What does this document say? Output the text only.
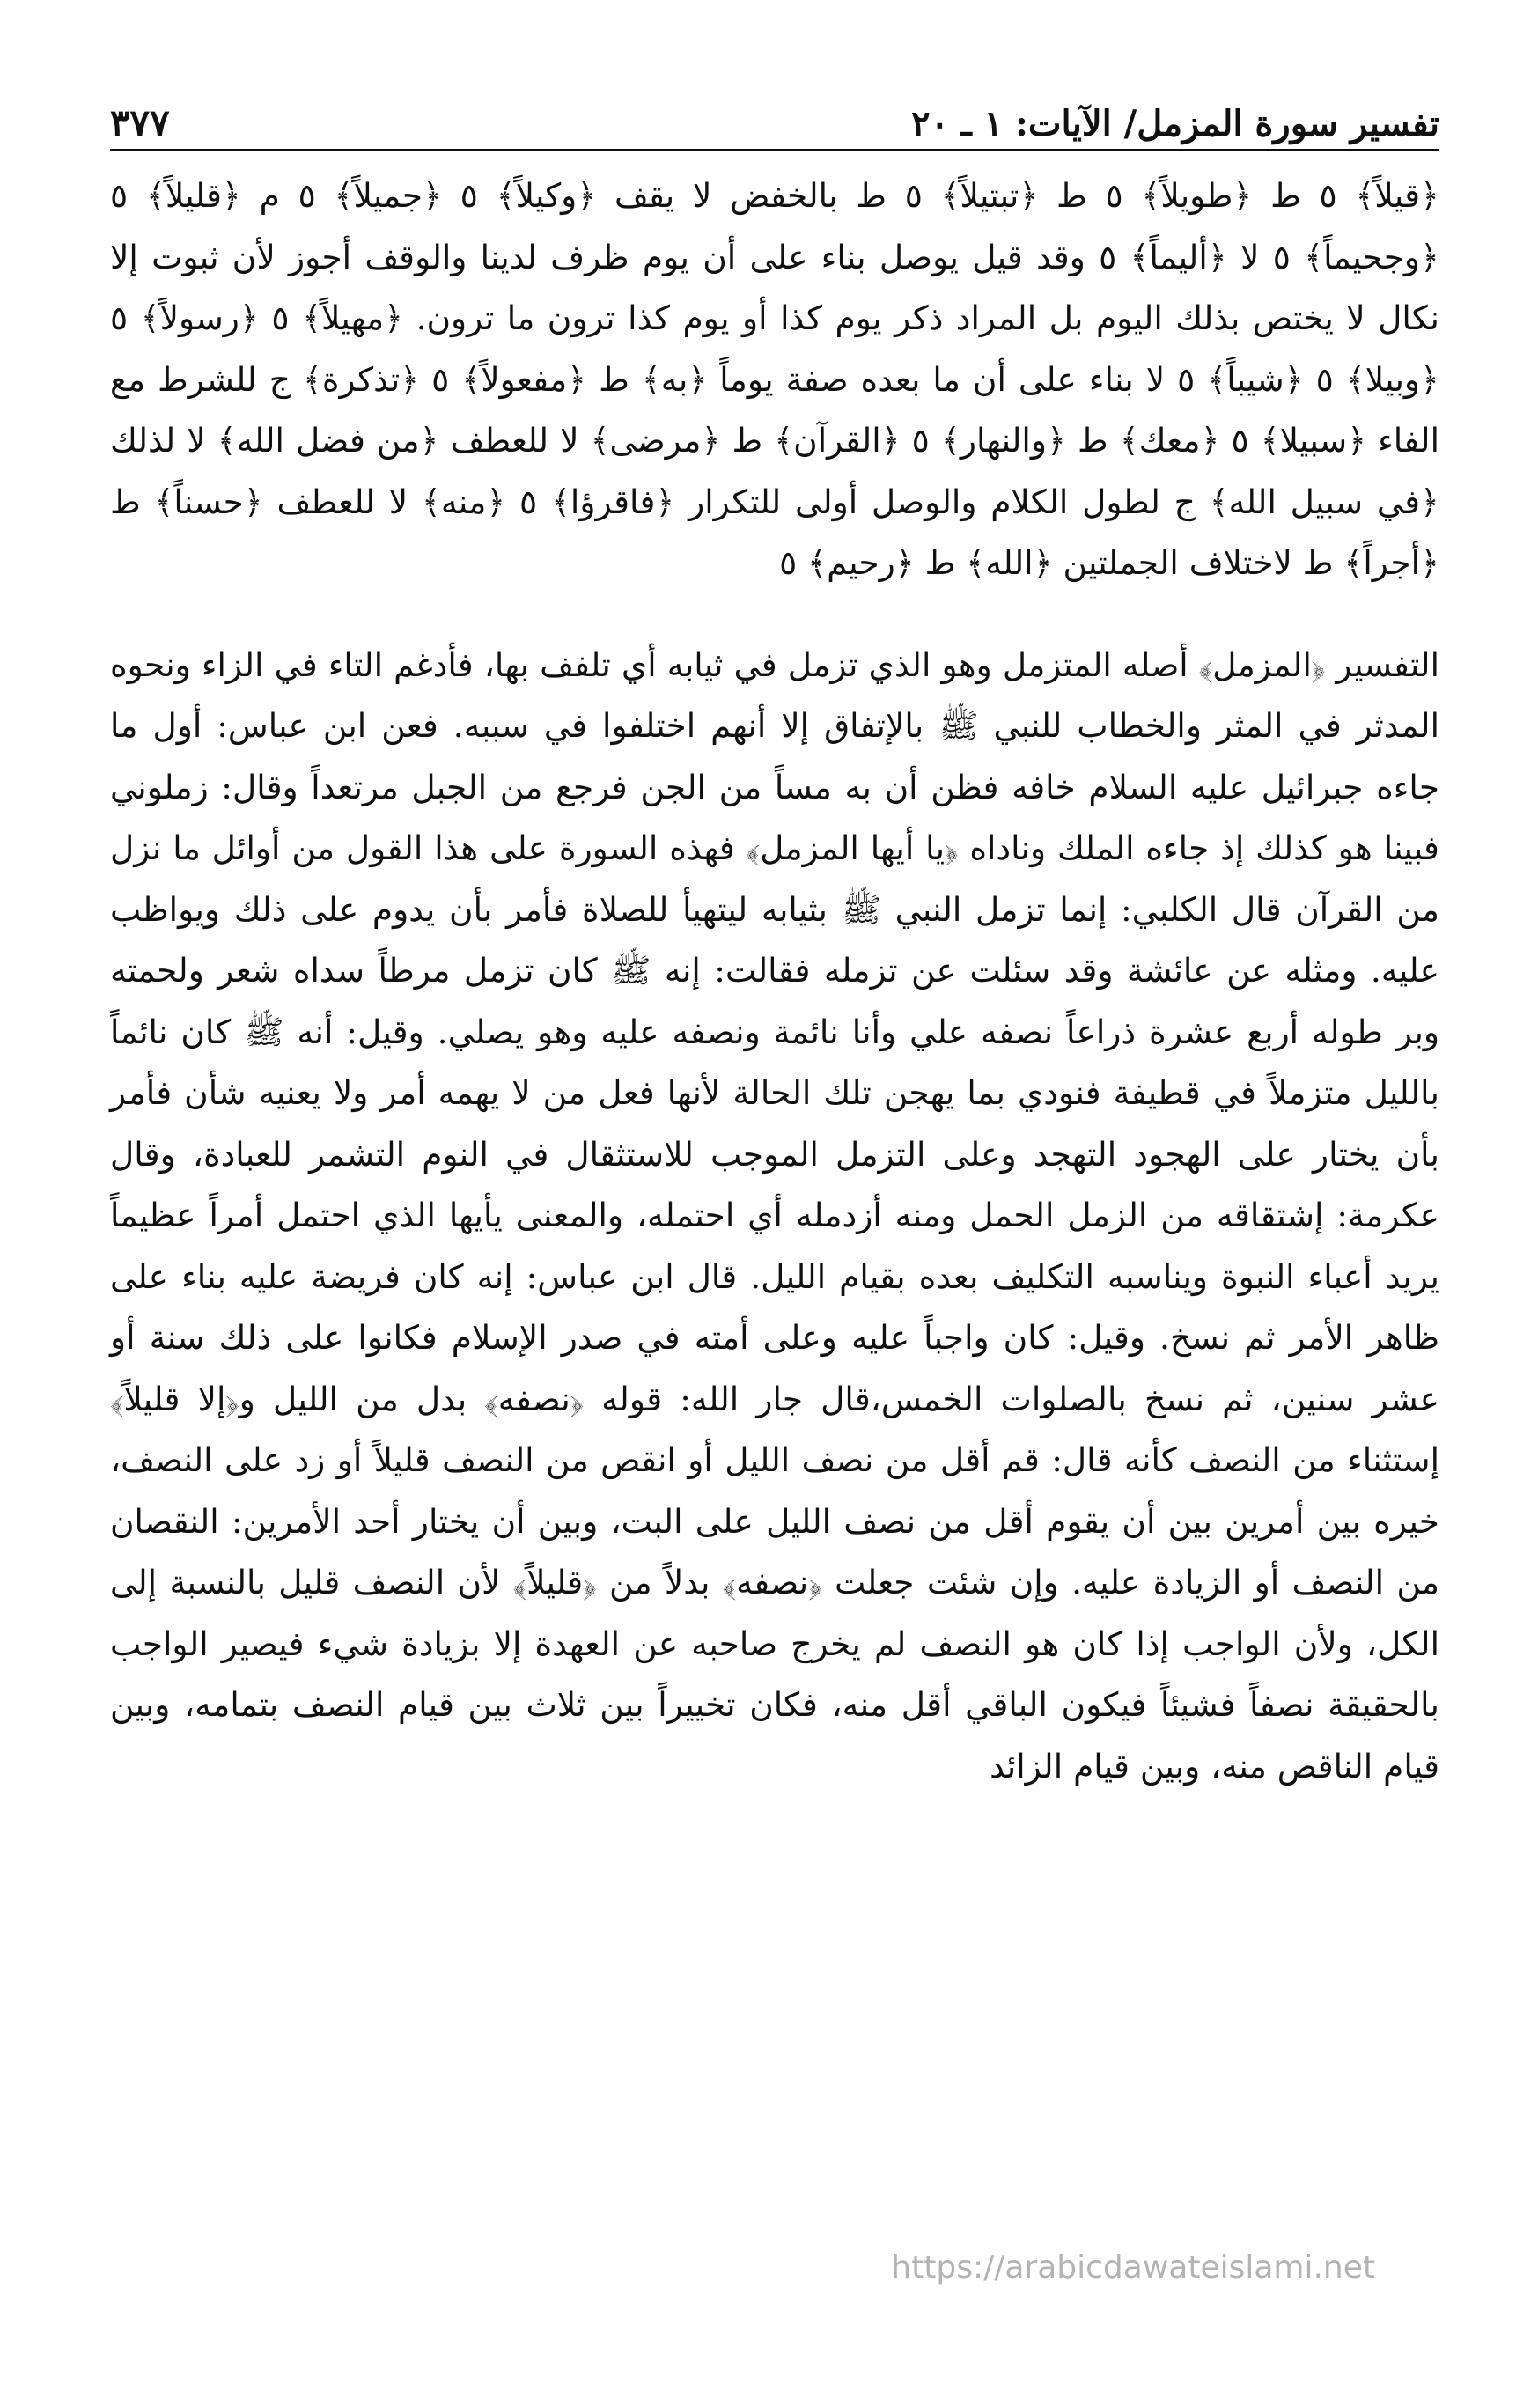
تفسير سورة المزمل/ الآيات: ١ ـ ٢٠
٣٧٧

﴿قيلاً﴾ ٥ ط ﴿طويلاً﴾ ٥ ط ﴿تبتيلاً﴾ ٥ ط بالخفض لا يقف ﴿وكيلاً﴾ ٥ ﴿جميلاً﴾ ٥ م ﴿قليلاً﴾ ٥ ﴿وجحيماً﴾ ٥ لا ﴿أليماً﴾ ٥ وقد قيل يوصل بناء على أن يوم ظرف لدينا والوقف أجوز لأن ثبوت إلا نكال لا يختص بذلك اليوم بل المراد ذكر يوم كذا أو يوم كذا ترون ما ترون. ﴿مهيلاً﴾ ٥ ﴿رسولاً﴾ ٥ ﴿وبيلا﴾ ٥ ﴿شيباً﴾ ٥ لا بناء على أن ما بعده صفة يوماً ﴿به﴾ ط ﴿مفعولاً﴾ ٥ ﴿تذكرة﴾ ج للشرط مع الفاء ﴿سبيلا﴾ ٥ ﴿معك﴾ ط ﴿والنهار﴾ ٥ ﴿القرآن﴾ ط ﴿مرضى﴾ لا للعطف ﴿من فضل الله﴾ لا لذلك ﴿في سبيل الله﴾ ج لطول الكلام والوصل أولى للتكرار ﴿فاقرؤا﴾ ٥ ﴿منه﴾ لا للعطف ﴿حسناً﴾ ط ﴿أجراً﴾ ط لاختلاف الجملتين ﴿الله﴾ ط ﴿رحيم﴾ ٥

التفسير ﴿المزمل﴾ أصله المتزمل وهو الذي تزمل في ثيابه أي تلفف بها، فأدغم التاء في الزاء ونحوه المدثر في المثر والخطاب للنبي ﷺ بالإتفاق إلا أنهم اختلفوا في سببه. فعن ابن عباس: أول ما جاءه جبرائيل عليه السلام خافه فظن أن به مساً من الجن فرجع من الجبل مرتعداً وقال: زملوني فبينا هو كذلك إذ جاءه الملك وناداه ﴿يا أيها المزمل﴾ فهذه السورة على هذا القول من أوائل ما نزل من القرآن قال الكلبي: إنما تزمل النبي ﷺ بثيابه ليتهيأ للصلاة فأمر بأن يدوم على ذلك ويواظب عليه. ومثله عن عائشة وقد سئلت عن تزمله فقالت: إنه ﷺ كان تزمل مرطاً سداه شعر ولحمته وبر طوله أربع عشرة ذراعاً نصفه علي وأنا نائمة ونصفه عليه وهو يصلي. وقيل: أنه ﷺ كان نائماً بالليل متزملاً في قطيفة فنودي بما يهجن تلك الحالة لأنها فعل من لا يهمه أمر ولا يعنيه شأن فأمر بأن يختار على الهجود التهجد وعلى التزمل الموجب للاستثقال في النوم التشمر للعبادة، وقال عكرمة: إشتقاقه من الزمل الحمل ومنه أزدمله أي احتمله، والمعنى يأيها الذي احتمل أمراً عظيماً يريد أعباء النبوة ويناسبه التكليف بعده بقيام الليل. قال ابن عباس: إنه كان فريضة عليه بناء على ظاهر الأمر ثم نسخ. وقيل: كان واجباً عليه وعلى أمته في صدر الإسلام فكانوا على ذلك سنة أو عشر سنين، ثم نسخ بالصلوات الخمس،قال جار الله: قوله ﴿نصفه﴾ بدل من الليل و﴿إلا قليلاً﴾ إستثناء من النصف كأنه قال: قم أقل من نصف الليل أو انقص من النصف قليلاً أو زد على النصف، خيره بين أمرين بين أن يقوم أقل من نصف الليل على البت، وبين أن يختار أحد الأمرين: النقصان من النصف أو الزيادة عليه. وإن شئت جعلت ﴿نصفه﴾ بدلاً من ﴿قليلاً﴾ لأن النصف قليل بالنسبة إلى الكل، ولأن الواجب إذا كان هو النصف لم يخرج صاحبه عن العهدة إلا بزيادة شيء فيصير الواجب بالحقيقة نصفاً فشيئاً فيكون الباقي أقل منه، فكان تخييراً بين ثلاث بين قيام النصف بتمامه، وبين قيام الناقص منه، وبين قيام الزائد

https://arabicdawateislami.net
